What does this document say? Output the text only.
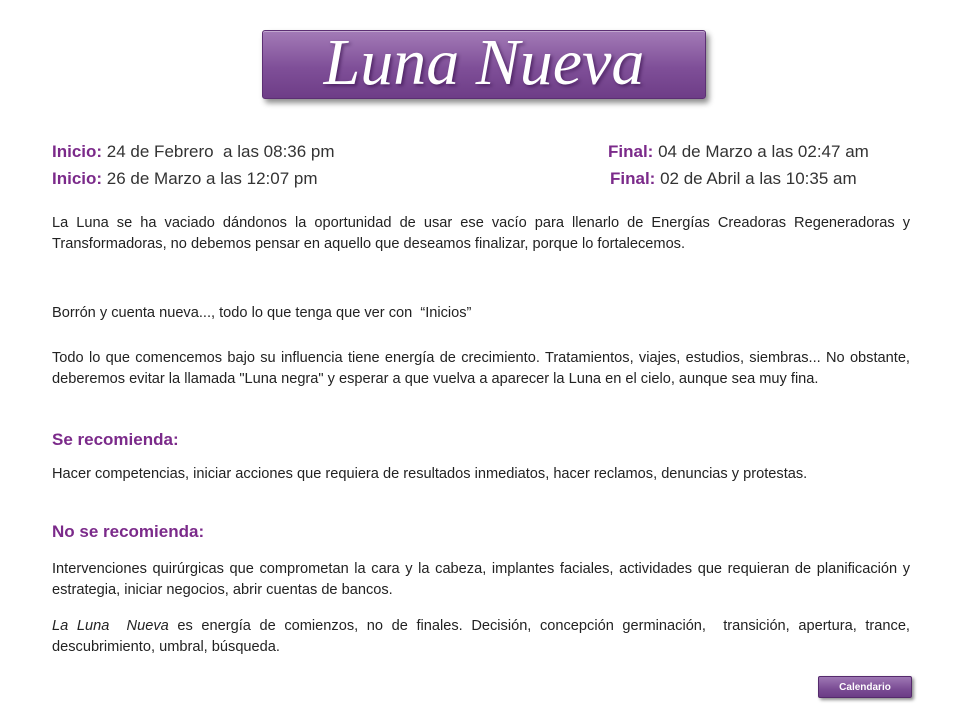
Luna Nueva
Inicio: 24 de Febrero  a las 08:36 pm	Final: 04 de Marzo a las 02:47 am
Inicio: 26 de Marzo a las 12:07 pm	Final: 02 de Abril a las 10:35 am
La Luna se ha vaciado dándonos la oportunidad de usar ese vacío para llenarlo de Energías Creadoras Regeneradoras y Transformadoras, no debemos pensar en aquello que deseamos finalizar, porque lo fortalecemos.
Borrón y cuenta nueva..., todo lo que tenga que ver con  “Inicios”
Todo lo que comencemos bajo su influencia tiene energía de crecimiento. Tratamientos, viajes, estudios, siembras... No obstante, deberemos evitar la llamada "Luna negra" y esperar a que vuelva a aparecer la Luna en el cielo, aunque sea muy fina.
Se recomienda:
Hacer competencias, iniciar acciones que requiera de resultados inmediatos, hacer reclamos, denuncias y protestas.
No se recomienda:
Intervenciones quirúrgicas que comprometan la cara y la cabeza, implantes faciales, actividades que requieran de planificación y estrategia, iniciar negocios, abrir cuentas de bancos.
La Luna  Nueva es energía de comienzos, no de finales. Decisión, concepción germinación,  transición, apertura, trance, descubrimiento, umbral, búsqueda.
Calendario
